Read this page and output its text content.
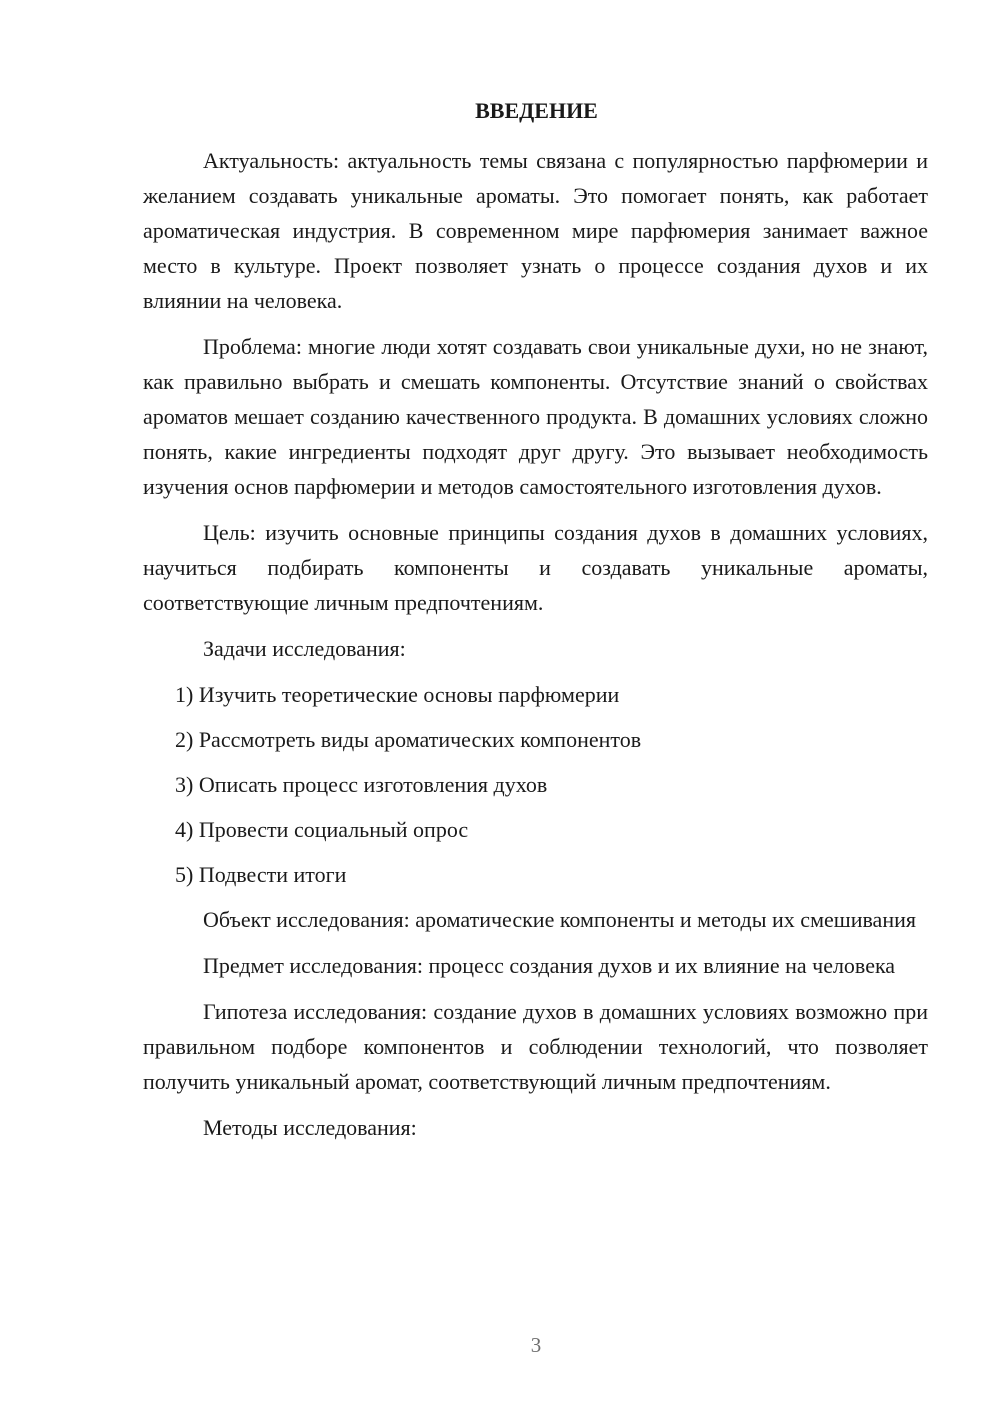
ВВЕДЕНИЕ

Актуальность: актуальность темы связана с популярностью парфюмерии и желанием создавать уникальные ароматы. Это помогает понять, как работает ароматическая индустрия. В современном мире парфюмерия занимает важное место в культуре. Проект позволяет узнать о процессе создания духов и их влиянии на человека.

Проблема: многие люди хотят создавать свои уникальные духи, но не знают, как правильно выбрать и смешать компоненты. Отсутствие знаний о свойствах ароматов мешает созданию качественного продукта. В домашних условиях сложно понять, какие ингредиенты подходят друг другу. Это вызывает необходимость изучения основ парфюмерии и методов самостоятельного изготовления духов.

Цель: изучить основные принципы создания духов в домашних условиях, научиться подбирать компоненты и создавать уникальные ароматы, соответствующие личным предпочтениям.

Задачи исследования:

1) Изучить теоретические основы парфюмерии
2) Рассмотреть виды ароматических компонентов
3) Описать процесс изготовления духов
4) Провести социальный опрос
5) Подвести итоги

Объект исследования: ароматические компоненты и методы их смешивания

Предмет исследования: процесс создания духов и их влияние на человека

Гипотеза исследования: создание духов в домашних условиях возможно при правильном подборе компонентов и соблюдении технологий, что позволяет получить уникальный аромат, соответствующий личным предпочтениям.

Методы исследования:

3
